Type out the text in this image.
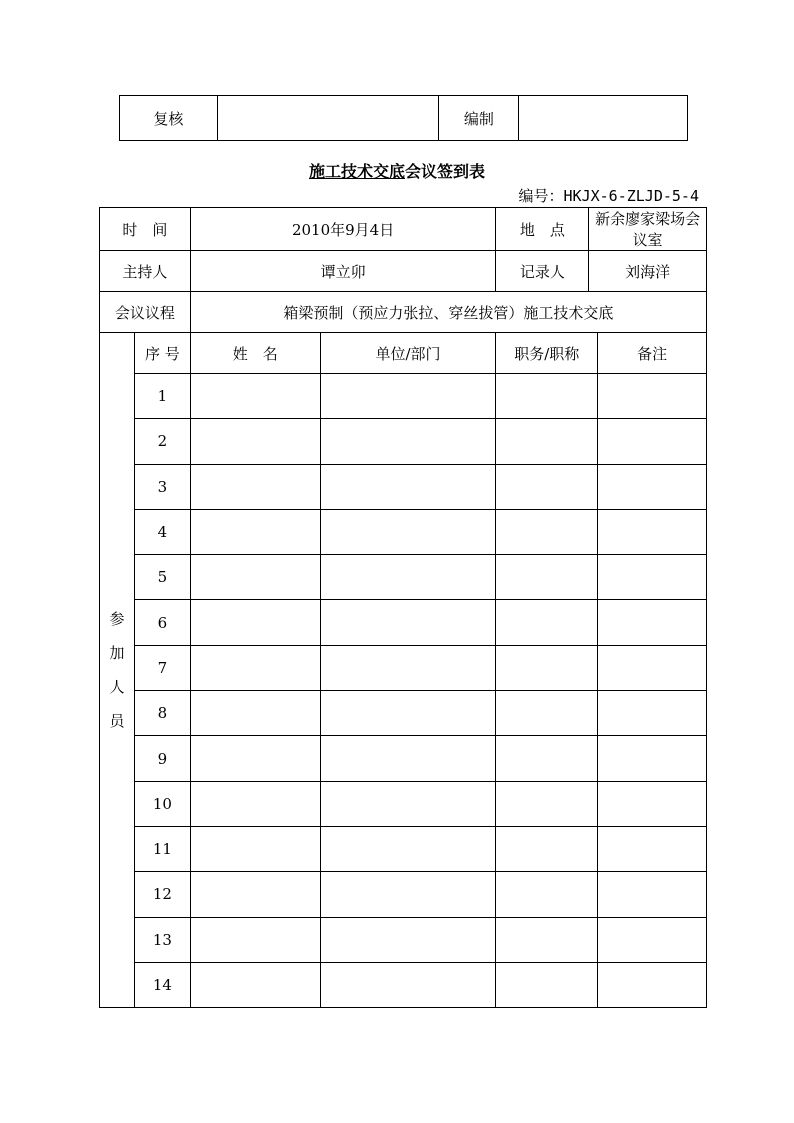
复核		编制	
施工技术交底会议签到表
编号：HKJX-6-ZLJD-5-4
时　间	2010年9月4日		地　点	新余廖家梁场会议室

主持人	谭立卯		记录人	刘海洋

会议议程	箱梁预制（预应力张拉、穿丝拔管）施工技术交底

参
加
人
员
	序 号	姓　名	单位/部门	职务/职称	备注
1				
2				
3				
4				
5				
6				
7				
8				
9				
10				
11				
12				
13				
14				
